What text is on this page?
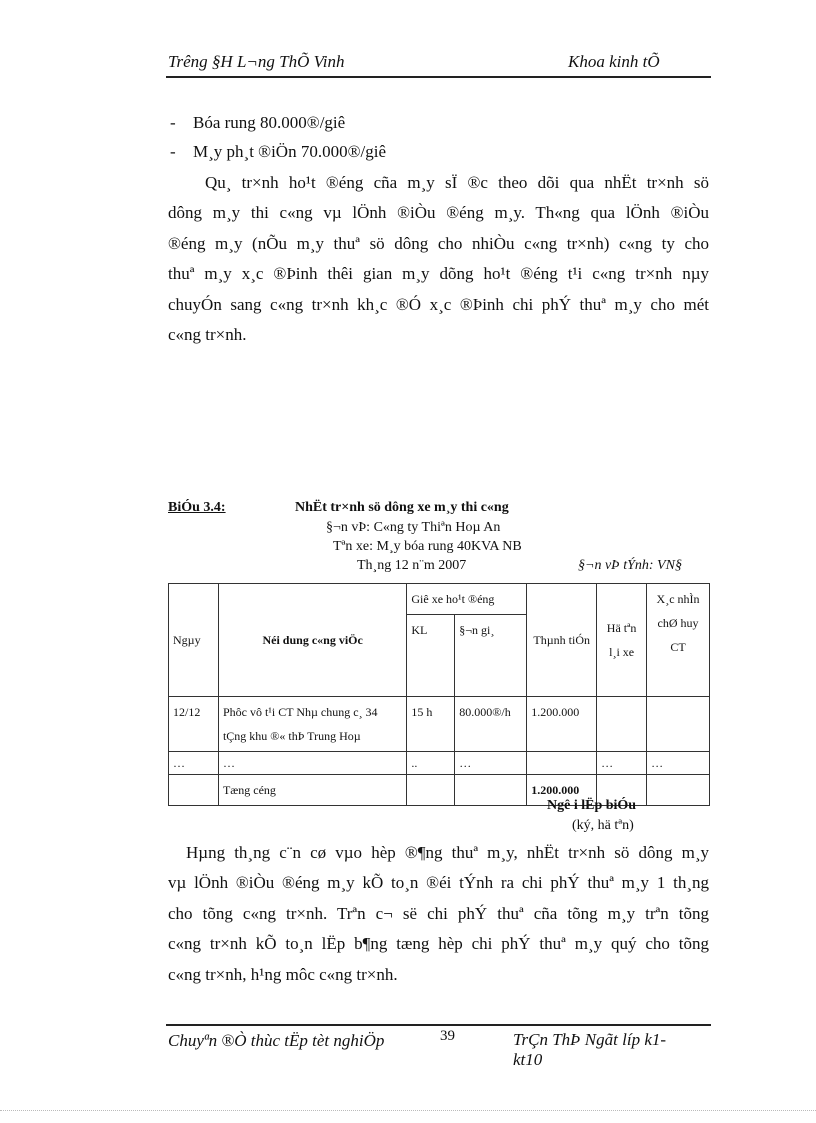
Trêng §H L¬ng ThÕ Vinh	Khoa kinh tÕ
- Bóa rung 80.000®/giê
- M¸y ph¸t ®iÖn 70.000®/giê
Qu¸ tr×nh ho¹t ®éng cña m¸y sÏ ®c theo dõi qua nhËt tr×nh sö
dông m¸y thi c«ng vµ lÖnh ®iÒu ®éng m¸y. Th«ng qua lÖnh ®iÒu
®éng m¸y (nÕu m¸y thuª sö dông cho nhiÒu c«ng tr×nh) c«ng ty cho
thuª m¸y x¸c ®Þinh thêi gian m¸y dõng ho¹t ®éng t¹i c«ng tr×nh nµy
chuyÓn sang c«ng tr×nh kh¸c ®Ó x¸c ®Þinh chi phÝ thuª m¸y cho mét
c«ng tr×nh.
BiÓu 3.4:	NhËt tr×nh sö dông xe m¸y thi c«ng
§¬n vÞ: C«ng ty Thiªn Hoµ An
Tªn xe: M¸y bóa rung 40KVA NB
Th¸ng 12 n¨m 2007	§¬n vÞ tÝnh: VN§
Ngµy	Néi dung c«ng viÖc	Giê xe ho¹t ®éng		Thµnh tiÓn	Hä tªn l¸i xe	X¸c nhÌn chØ huy CT
		KL	§¬n gi¸			
12/12	Phôc vô t¹i CT Nhµ chung c¸ 34 tÇng khu ®« thÞ Trung Hoµ	15 h	80.000®/h	1.200.000		
…	…	..	…		…	…
	Tæng céng			1.200.000		
Ngê i lËp biÓu
(ký, hä tªn)
Hµng th¸ng c¨n cø vµo hèp ®¶ng thuª m¸y, nhËt tr×nh sö dông m¸y
vµ lÖnh ®iÒu ®éng m¸y kÕ to¸n ®éi tÝnh ra chi phÝ thuª m¸y 1 th¸ng
cho tõng c«ng tr×nh. Trªn c¬ së chi phÝ thuª cña tõng m¸y trªn tõng
c«ng tr×nh kÕ to¸n lËp b¶ng tæng hèp chi phÝ thuª m¸y quý cho tõng
c«ng tr×nh, h¹ng môc c«ng tr×nh.
Chuyªn ®Ò thùc tËp tèt nghiÖp	39	TrÇn ThÞ Ngãt líp k1-kt10
